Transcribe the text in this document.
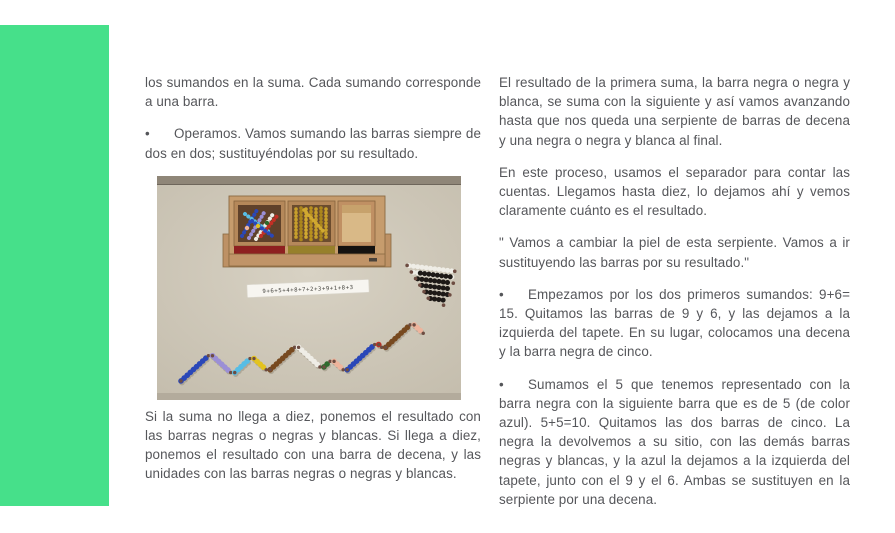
los sumandos en la suma. Cada sumando corresponde a una barra.

• Operamos. Vamos sumando las barras siempre de dos en dos; sustituyéndolas por su resultado.

9+6+5+4+8+7+2+3+9+1+8+3

Si la suma no llega a diez, ponemos el resultado con las barras negras o negras y blancas. Si llega a diez, ponemos el resultado con una barra de decena, y las unidades con las barras negras o negras y blancas.

El resultado de la primera suma, la barra negra o negra y blanca, se suma con la siguiente y así vamos avanzando hasta que nos queda una serpiente de barras de decena y una negra o negra y blanca al final.

En este proceso, usamos el separador para contar las cuentas. Llegamos hasta diez, lo dejamos ahí y vemos claramente cuánto es el resultado.

" Vamos a cambiar la piel de esta serpiente. Vamos a ir sustituyendo las barras por su resultado."

• Empezamos por los dos primeros sumandos: 9+6= 15. Quitamos las barras de 9 y 6, y las dejamos a la izquierda del tapete. En su lugar, colocamos una decena y la barra negra de cinco.

• Sumamos el 5 que tenemos representado con la barra negra con la siguiente barra que es de 5 (de color azul). 5+5=10. Quitamos las dos barras de cinco. La negra la devolvemos a su sitio, con las demás barras negras y blancas, y la azul la dejamos a la izquierda del tapete, junto con el 9 y el 6. Ambas se sustituyen en la serpiente por una decena.
